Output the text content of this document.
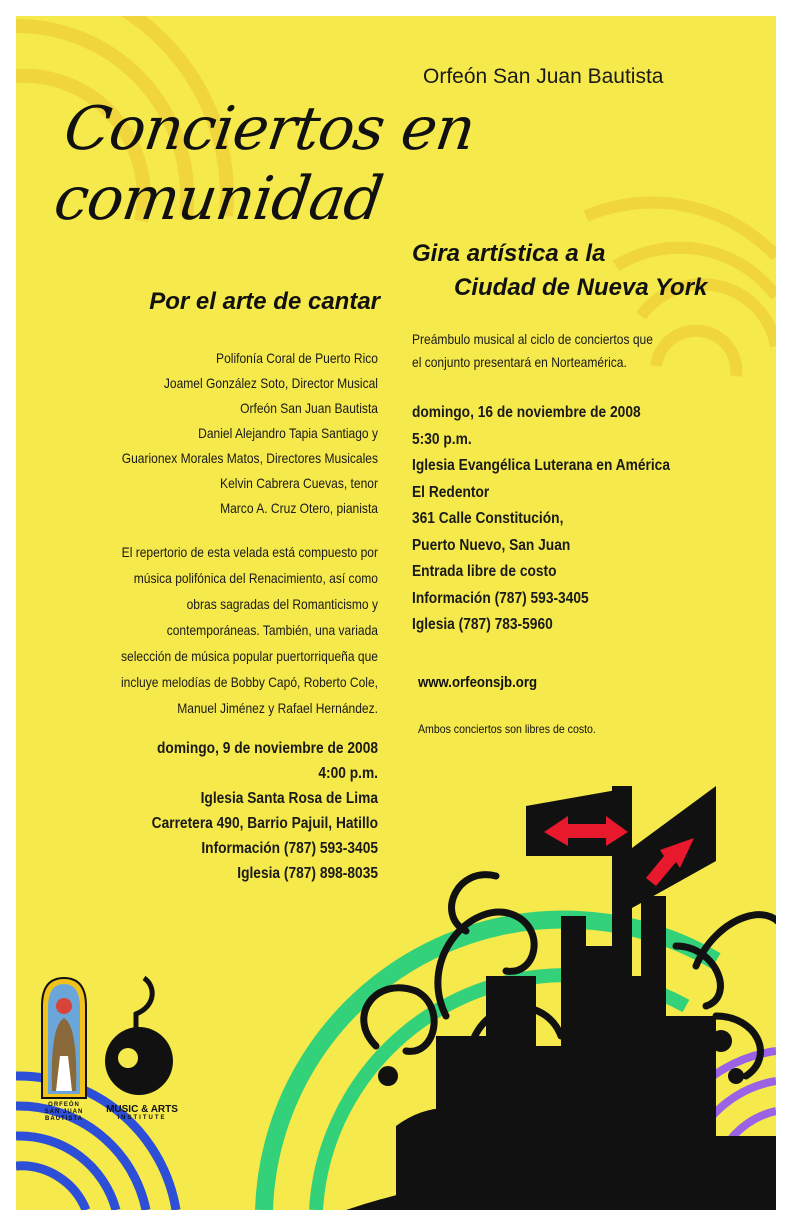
Orfeón San Juan Bautista
Conciertos en comunidad
Por el arte de cantar
Polifonía Coral de Puerto Rico
Joamel González Soto, Director Musical
Orfeón San Juan Bautista
Daniel Alejandro Tapia Santiago y
Guarionex Morales Matos, Directores Musicales
Kelvin Cabrera Cuevas, tenor
Marco A. Cruz Otero, pianista
El repertorio de esta velada está compuesto por
música polifónica del Renacimiento, así como
obras sagradas del Romanticismo y
contemporáneas. También, una variada
selección de música popular puertorriqueña que
incluye melodías de Bobby Capó, Roberto Cole,
Manuel Jiménez y Rafael Hernández.
domingo, 9 de noviembre de 2008
4:00 p.m.
Iglesia Santa Rosa de Lima
Carretera 490, Barrio Pajuil, Hatillo
Información (787) 593-3405
Iglesia (787) 898-8035
Gira artística a la
Ciudad de Nueva York
Preámbulo musical al ciclo de conciertos que
el conjunto presentará en Norteamérica.
domingo, 16 de noviembre de 2008
5:30 p.m.
Iglesia Evangélica Luterana en América
El Redentor
361 Calle Constitución,
Puerto Nuevo, San Juan
Entrada libre de costo
Información (787) 593-3405
Iglesia (787) 783-5960
www.orfeonsjb.org
Ambos conciertos son libres de costo.
ORFEÓN
SAN JUAN
BAUTISTA
MUSIC & ARTS
INSTITUTE
